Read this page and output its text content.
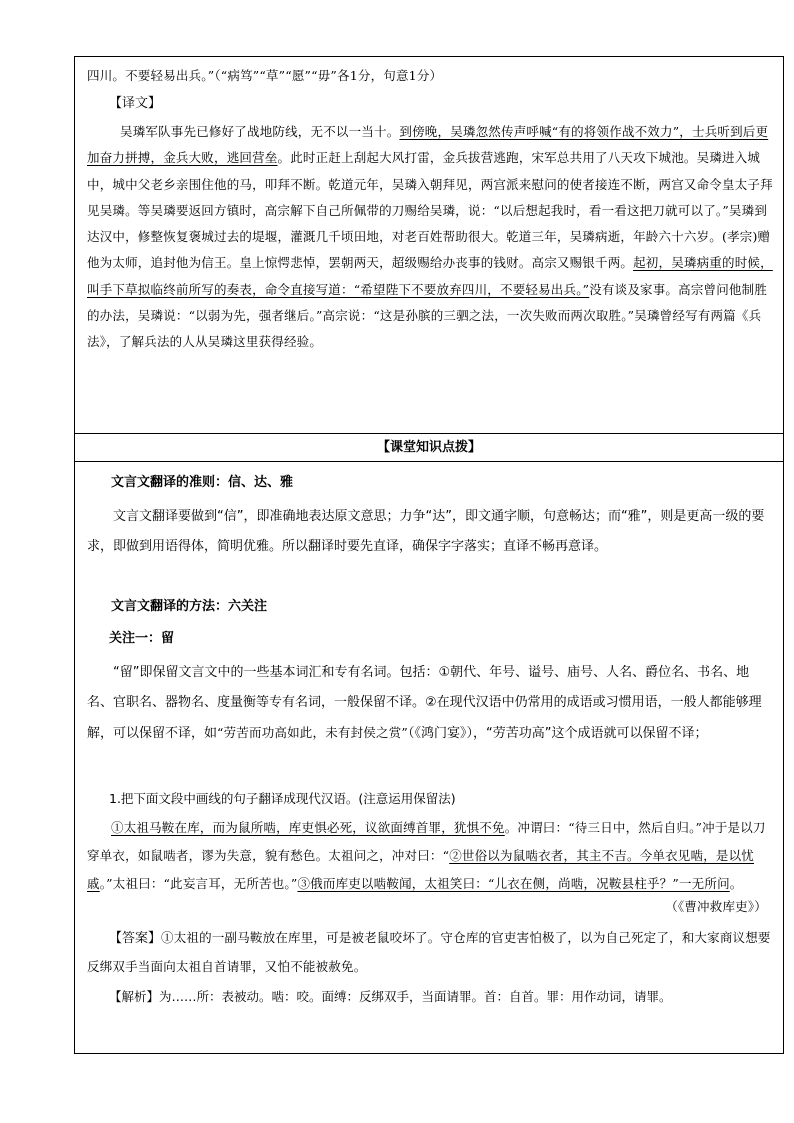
四川。不要轻易出兵。”（“病笃”“草”“愿”“毋”各1分，句意1分）

【译文】

吴璘军队事先已修好了战地防线，无不以一当十。到傍晚，吴璘忽然传声呼喊“有的将领作战不效力”，士兵听到后更加奋力拼搏，金兵大败，逃回营垒。此时正赶上刮起大风打雷，金兵拔营逃跑，宋军总共用了八天攻下城池。吴璘进入城中，城中父老乡亲围住他的马，叩拜不断。乾道元年，吴璘入朝拜见，两宫派来慰问的使者接连不断，两宫又命令皇太子拜见吴璘。等吴璘要返回方镇时，高宗解下自己所佩带的刀赐给吴璘，说：“以后想起我时，看一看这把刀就可以了。”吴璘到达汉中，修整恢复褒城过去的堤堰，灌溉几千顷田地，对老百姓帮助很大。乾道三年，吴璘病逝，年龄六十六岁。(孝宗)赠他为太师，追封他为信王。皇上惊愕悲悼，罢朝两天，超级赐给办丧事的钱财。高宗又赐银千两。起初，吴璘病重的时候，叫手下草拟临终前所写的奏表，命令直接写道：“希望陛下不要放弃四川，不要轻易出兵。”没有谈及家事。高宗曾问他制胜的办法，吴璘说：“以弱为先，强者继后。”高宗说：“这是孙膑的三驷之法，一次失败而两次取胜。”吴璘曾经写有两篇《兵法》，了解兵法的人从吴璘这里获得经验。

【课堂知识点拨】

文言文翻译的准则：信、达、雅

文言文翻译要做到“信”，即准确地表达原文意思；力争“达”，即文通字顺，句意畅达；而“雅”，则是更高一级的要求，即做到用语得体，简明优雅。所以翻译时要先直译，确保字字落实；直译不畅再意译。

文言文翻译的方法：六关注

关注一：留

“留”即保留文言文中的一些基本词汇和专有名词。包括：①朝代、年号、谥号、庙号、人名、爵位名、书名、地名、官职名、器物名、度量衡等专有名词，一般保留不译。②在现代汉语中仍常用的成语或习惯用语，一般人都能够理解，可以保留不译，如“劳苦而功高如此，未有封侯之赏”（《鸿门宴》），“劳苦功高”这个成语就可以保留不译；

1.把下面文段中画线的句子翻译成现代汉语。(注意运用保留法)

①太祖马鞍在库，而为鼠所啮，库吏惧必死，议欲面缚首罪，犹惧不免。冲谓曰：“待三日中，然后自归。”冲于是以刀穿单衣，如鼠啮者，谬为失意，貌有愁色。太祖问之，冲对曰：“②世俗以为鼠啮衣者，其主不吉。今单衣见啮，是以忧戚。”太祖曰：“此妄言耳，无所苦也。”③俄而库吏以啮鞍闻，太祖笑曰：“儿衣在侧，尚啮，况鞍县柱乎？”一无所问。

（《曹冲救库吏》）

【答案】①太祖的一副马鞍放在库里，可是被老鼠咬坏了。守仓库的官吏害怕极了，以为自己死定了，和大家商议想要反绑双手当面向太祖自首请罪，又怕不能被赦免。

【解析】为……所：表被动。啮：咬。面缚：反绑双手，当面请罪。首：自首。罪：用作动词，请罪。
